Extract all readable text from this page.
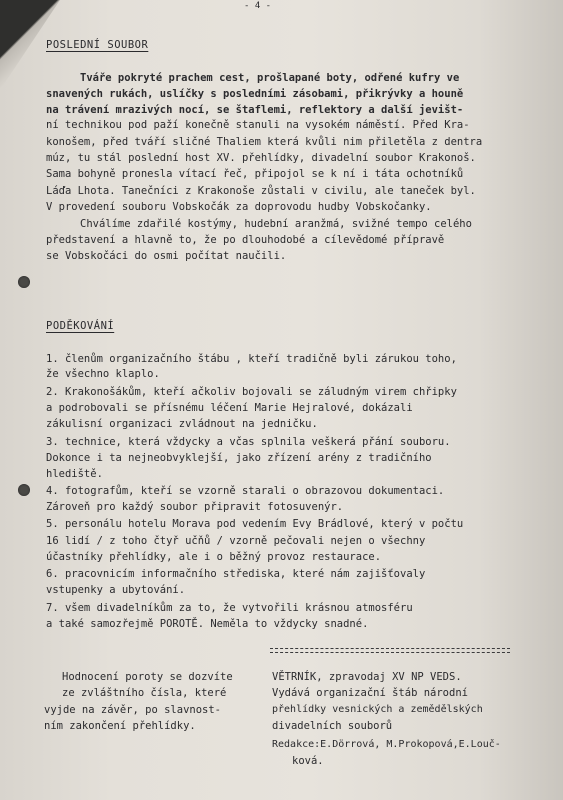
- 4 -
POSLEDNÍ SOUBOR
Tváře pokryté prachem cest, prošlapané boty, odřené kufry ve
snavených rukách, uslíčky s posledními zásobami, přikrývky a houně
na trávení mrazivých nocí, se štaflemi, reflektory a další jevišt-
ní technikou pod paží konečně stanuli na vysokém náměstí. Před Kra-
konošem, před tváří sličné Thaliem která kvůli nim přiletěla z dentra
múz, tu stál poslední host XV. přehlídky, divadelní soubor Krakonoš.
Sama bohyně pronesla vítací řeč, připojol se k ní i táta ochotníků
Láďa Lhota. Tanečníci z Krakonoše zůstali v civilu, ale taneček byl.
V provedení souboru Vobskočák za doprovodu hudby Vobskočanky.
Chválíme zdařilé kostýmy, hudební aranžmá, svižné tempo celého
představení a hlavně to, že po dlouhodobé a cílevědomé přípravě
se Vobskočáci do osmi počítat naučili.
PODĚKOVÁNÍ
1. členům organizačního štábu , kteří tradičně byli zárukou toho,
že všechno klaplo.
2. Krakonošákům, kteří ačkoliv bojovali se záludným virem chřipky
a podrobovali se přísnému léčení Marie Hejralové, dokázali
zákulisní organizaci zvládnout na jedničku.
3. technice, která vždycky a včas splnila veškerá přání souboru.
Dokonce i ta nejneobvyklejší, jako zřízení arény z tradičního
hlediště.
4. fotografům, kteří se vzorně starali o obrazovou dokumentaci.
Zároveň pro každý soubor připravit fotosuvenýr.
5. personálu hotelu Morava pod vedením Evy Brádlové, který v počtu
16 lidí / z toho čtyř učňů / vzorně pečovali nejen o všechny
účastníky přehlídky, ale i o běžný provoz restaurace.
6. pracovnicím informačního střediska, které nám zajišťovaly
vstupenky a ubytování.
7. všem divadelníkům za to, že vytvořili krásnou atmosféru
a také samozřejmě POROTĚ. Neměla to vždycky snadné.
Hodnocení poroty se dozvíte
ze zvláštního čísla, které
vyjde na závěr, po slavnost-
ním zakončení přehlídky.
VĚTRNÍK, zpravodaj XV NP VEDS.
Vydává organizační štáb národní
přehlídky vesnických a zemědělských
divadelních souborů
Redakce:E.Dörrová, M.Prokopová,E.Louč-
ková.
